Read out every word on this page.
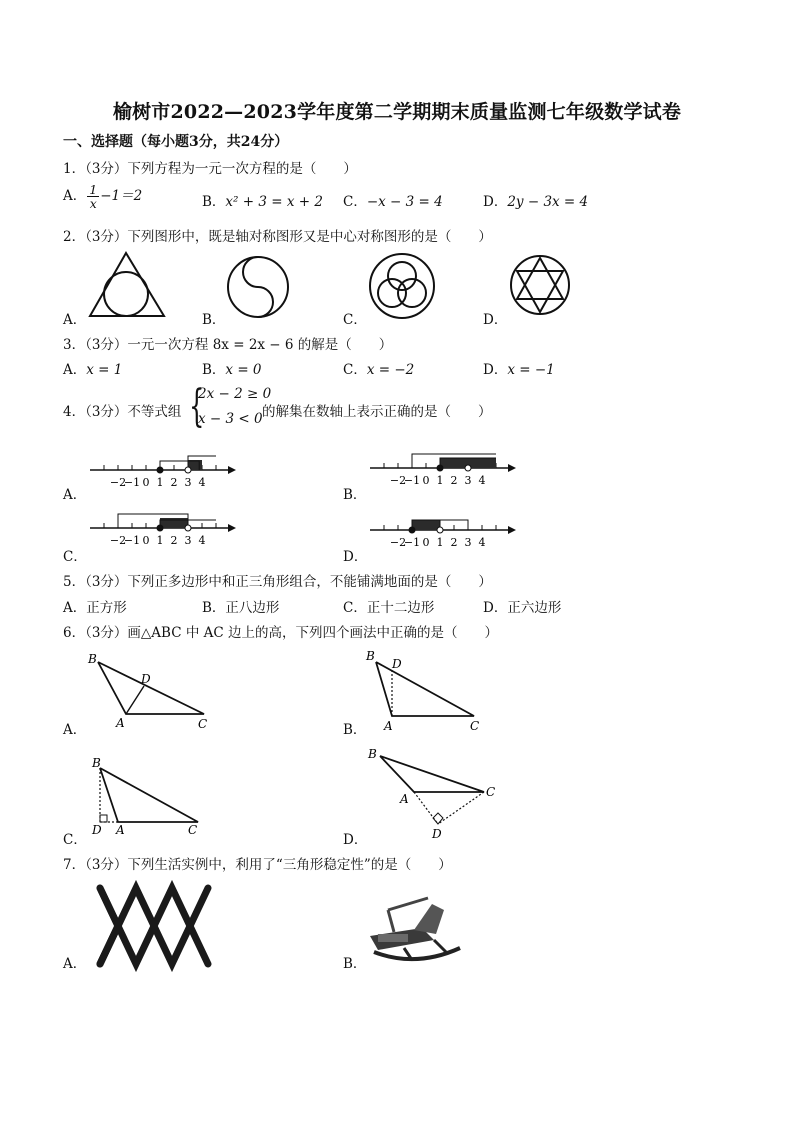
榆树市2022—2023学年度第二学期期末质量监测七年级数学试卷
一、选择题（每小题3分，共24分）
1．（3分）下列方程为一元一次方程的是（　　）
A． $\frac{1}{x} -1=2$	B．x² + 3 = x + 2 C．−x − 3 = 4	D．2y − 3x = 4
2．（3分）下列图形中，既是轴对称图形又是中心对称图形的是（　　）
A．	B．	C．	D．
3．（3分）一元一次方程 8x = 2x − 6 的解是（　　）
A．x = 1	B．x = 0	C．x = −2	D．x = −1
4．（3分）不等式组 {
2x − 2 ≥ 0
x − 3 < 0 的解集在数轴上表示正确的是（　　）
−2
−1 0 1 2 3 4	−2
−1 0 1 2 3 4
−2
−1 0 1 2 3 4	−2
−1 0 1 2 3 4
A．	B．
C．	D．
5．（3分）下列正多边形中和正三角形组合，不能铺满地面的是（　　）
A．正方形	B．正八边形	C．正十二边形	D．正六边形
6．（3分）画△ABC 中 AC 边上的高，下列四个画法中正确的是（　　）
B
D
A	C
B
D
A	C
B
D A	C
B
A	C
D
A．	B．
C．	D．
7．（3分）下列生活实例中，利用了“三角形稳定性”的是（　　）
A．	B．
